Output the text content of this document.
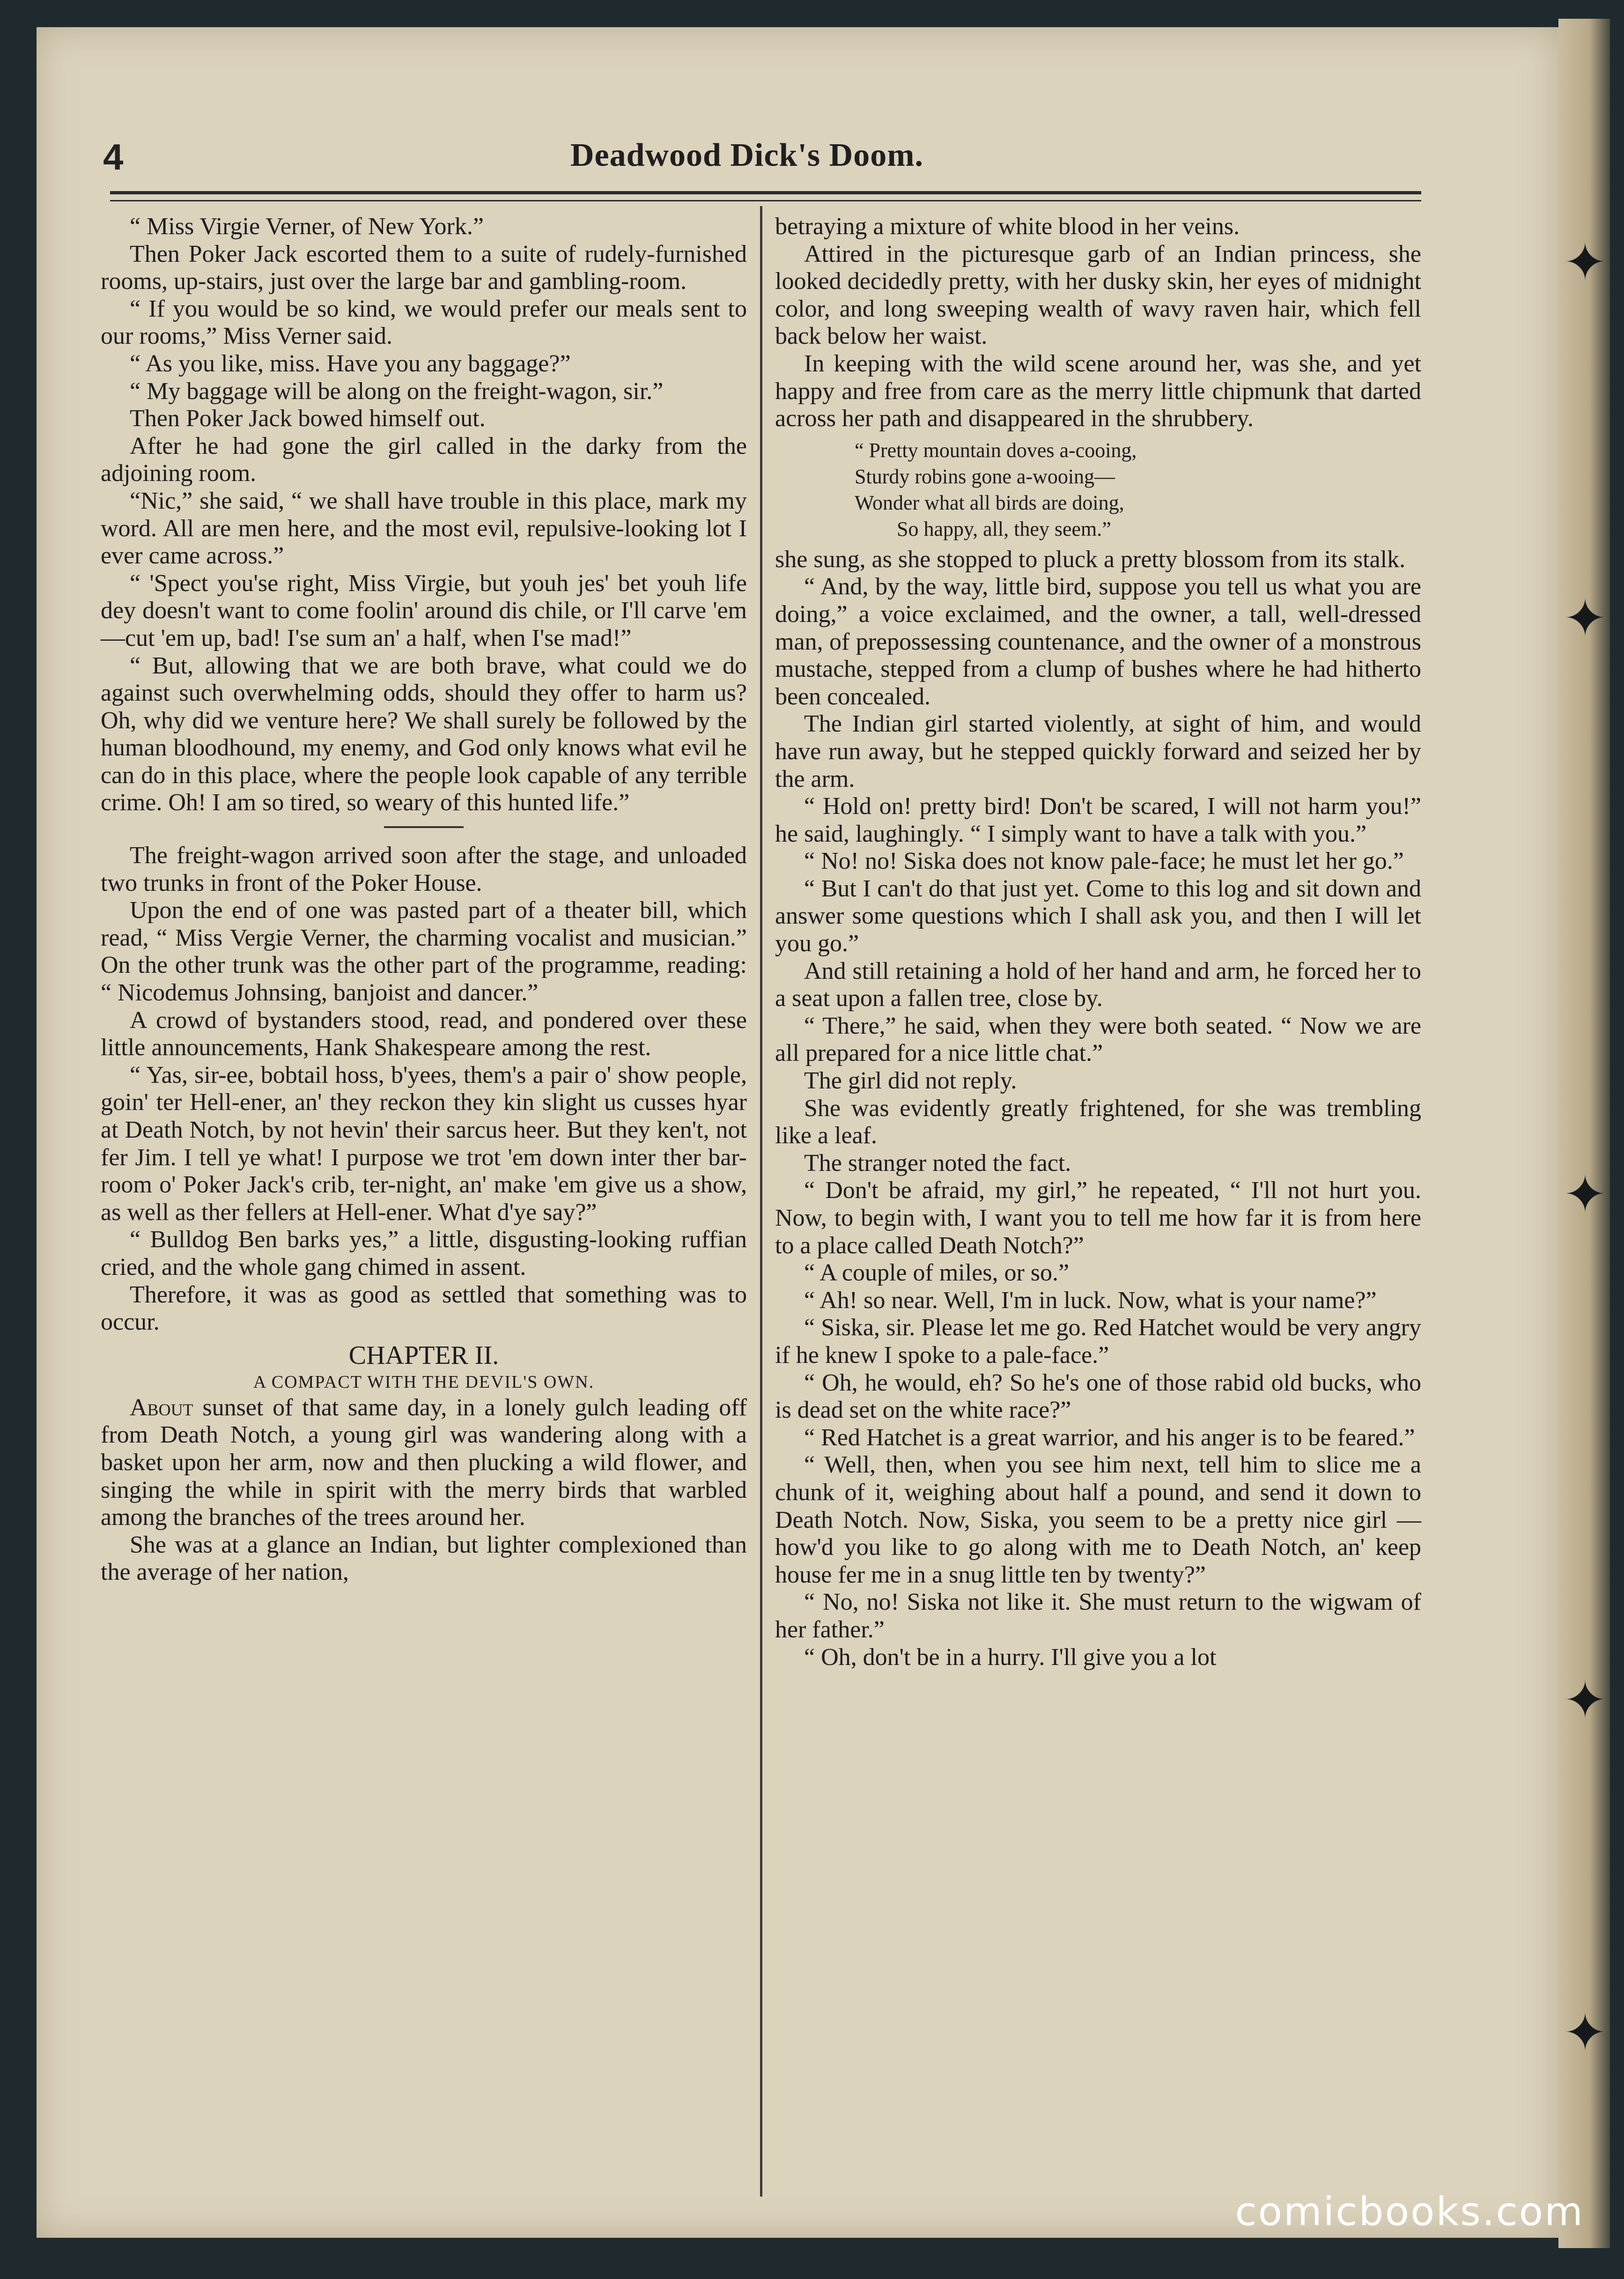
✦
✦
✦
✦
✦
4	Deadwood Dick's Doom.

“ Miss Virgie Verner, of New York.”

Then Poker Jack escorted them to a suite of rudely-furnished rooms, up-stairs, just over the large bar and gambling-room.

“ If you would be so kind, we would prefer our meals sent to our rooms,” Miss Verner said.

“ As you like, miss. Have you any baggage?”

“ My baggage will be along on the freight-wagon, sir.”

Then Poker Jack bowed himself out.

After he had gone the girl called in the darky from the adjoining room.

“Nic,” she said, “ we shall have trouble in this place, mark my word. All are men here, and the most evil, repulsive-looking lot I ever came across.”

“ 'Spect you'se right, Miss Virgie, but youh jes' bet youh life dey doesn't want to come foolin' around dis chile, or I'll carve 'em—cut 'em up, bad! I'se sum an' a half, when I'se mad!”

“ But, allowing that we are both brave, what could we do against such overwhelming odds, should they offer to harm us? Oh, why did we venture here? We shall surely be followed by the human bloodhound, my enemy, and God only knows what evil he can do in this place, where the people look capable of any terrible crime. Oh! I am so tired, so weary of this hunted life.”

The freight-wagon arrived soon after the stage, and unloaded two trunks in front of the Poker House.

Upon the end of one was pasted part of a theater bill, which read, “ Miss Vergie Verner, the charming vocalist and musician.” On the other trunk was the other part of the programme, reading: “ Nicodemus Johnsing, banjoist and dancer.”

A crowd of bystanders stood, read, and pondered over these little announcements, Hank Shakespeare among the rest.

“ Yas, sir-ee, bobtail hoss, b'yees, them's a pair o' show people, goin' ter Hell-ener, an' they reckon they kin slight us cusses hyar at Death Notch, by not hevin' their sarcus heer. But they ken't, not fer Jim. I tell ye what! I purpose we trot 'em down inter ther bar-room o' Poker Jack's crib, ter-night, an' make 'em give us a show, as well as ther fellers at Hell-ener. What d'ye say?”

“ Bulldog Ben barks yes,” a little, disgusting-looking ruffian cried, and the whole gang chimed in assent.

Therefore, it was as good as settled that something was to occur.

CHAPTER II.
A COMPACT WITH THE DEVIL'S OWN.

About sunset of that same day, in a lonely gulch leading off from Death Notch, a young girl was wandering along with a basket upon her arm, now and then plucking a wild flower, and singing the while in spirit with the merry birds that warbled among the branches of the trees around her.

She was at a glance an Indian, but lighter complexioned than the average of her nation,

betraying a mixture of white blood in her veins.

Attired in the picturesque garb of an Indian princess, she looked decidedly pretty, with her dusky skin, her eyes of midnight color, and long sweeping wealth of wavy raven hair, which fell back below her waist.

In keeping with the wild scene around her, was she, and yet happy and free from care as the merry little chipmunk that darted across her path and disappeared in the shrubbery.

“ Pretty mountain doves a-cooing,
Sturdy robins gone a-wooing—
Wonder what all birds are doing,
So happy, all, they seem.”

she sung, as she stopped to pluck a pretty blossom from its stalk.

“ And, by the way, little bird, suppose you tell us what you are doing,” a voice exclaimed, and the owner, a tall, well-dressed man, of prepossessing countenance, and the owner of a monstrous mustache, stepped from a clump of bushes where he had hitherto been concealed.

The Indian girl started violently, at sight of him, and would have run away, but he stepped quickly forward and seized her by the arm.

“ Hold on! pretty bird! Don't be scared, I will not harm you!” he said, laughingly. “ I simply want to have a talk with you.”

“ No! no! Siska does not know pale-face; he must let her go.”

“ But I can't do that just yet. Come to this log and sit down and answer some questions which I shall ask you, and then I will let you go.”

And still retaining a hold of her hand and arm, he forced her to a seat upon a fallen tree, close by.

“ There,” he said, when they were both seated. “ Now we are all prepared for a nice little chat.”

The girl did not reply.

She was evidently greatly frightened, for she was trembling like a leaf.

The stranger noted the fact.

“ Don't be afraid, my girl,” he repeated, “ I'll not hurt you. Now, to begin with, I want you to tell me how far it is from here to a place called Death Notch?”

“ A couple of miles, or so.”

“ Ah! so near. Well, I'm in luck. Now, what is your name?”

“ Siska, sir. Please let me go. Red Hatchet would be very angry if he knew I spoke to a pale-face.”

“ Oh, he would, eh? So he's one of those rabid old bucks, who is dead set on the white race?”

“ Red Hatchet is a great warrior, and his anger is to be feared.”

“ Well, then, when you see him next, tell him to slice me a chunk of it, weighing about half a pound, and send it down to Death Notch. Now, Siska, you seem to be a pretty nice girl —how'd you like to go along with me to Death Notch, an' keep house fer me in a snug little ten by twenty?”

“ No, no! Siska not like it. She must return to the wigwam of her father.”

“ Oh, don't be in a hurry. I'll give you a lot

comicbooks.com
